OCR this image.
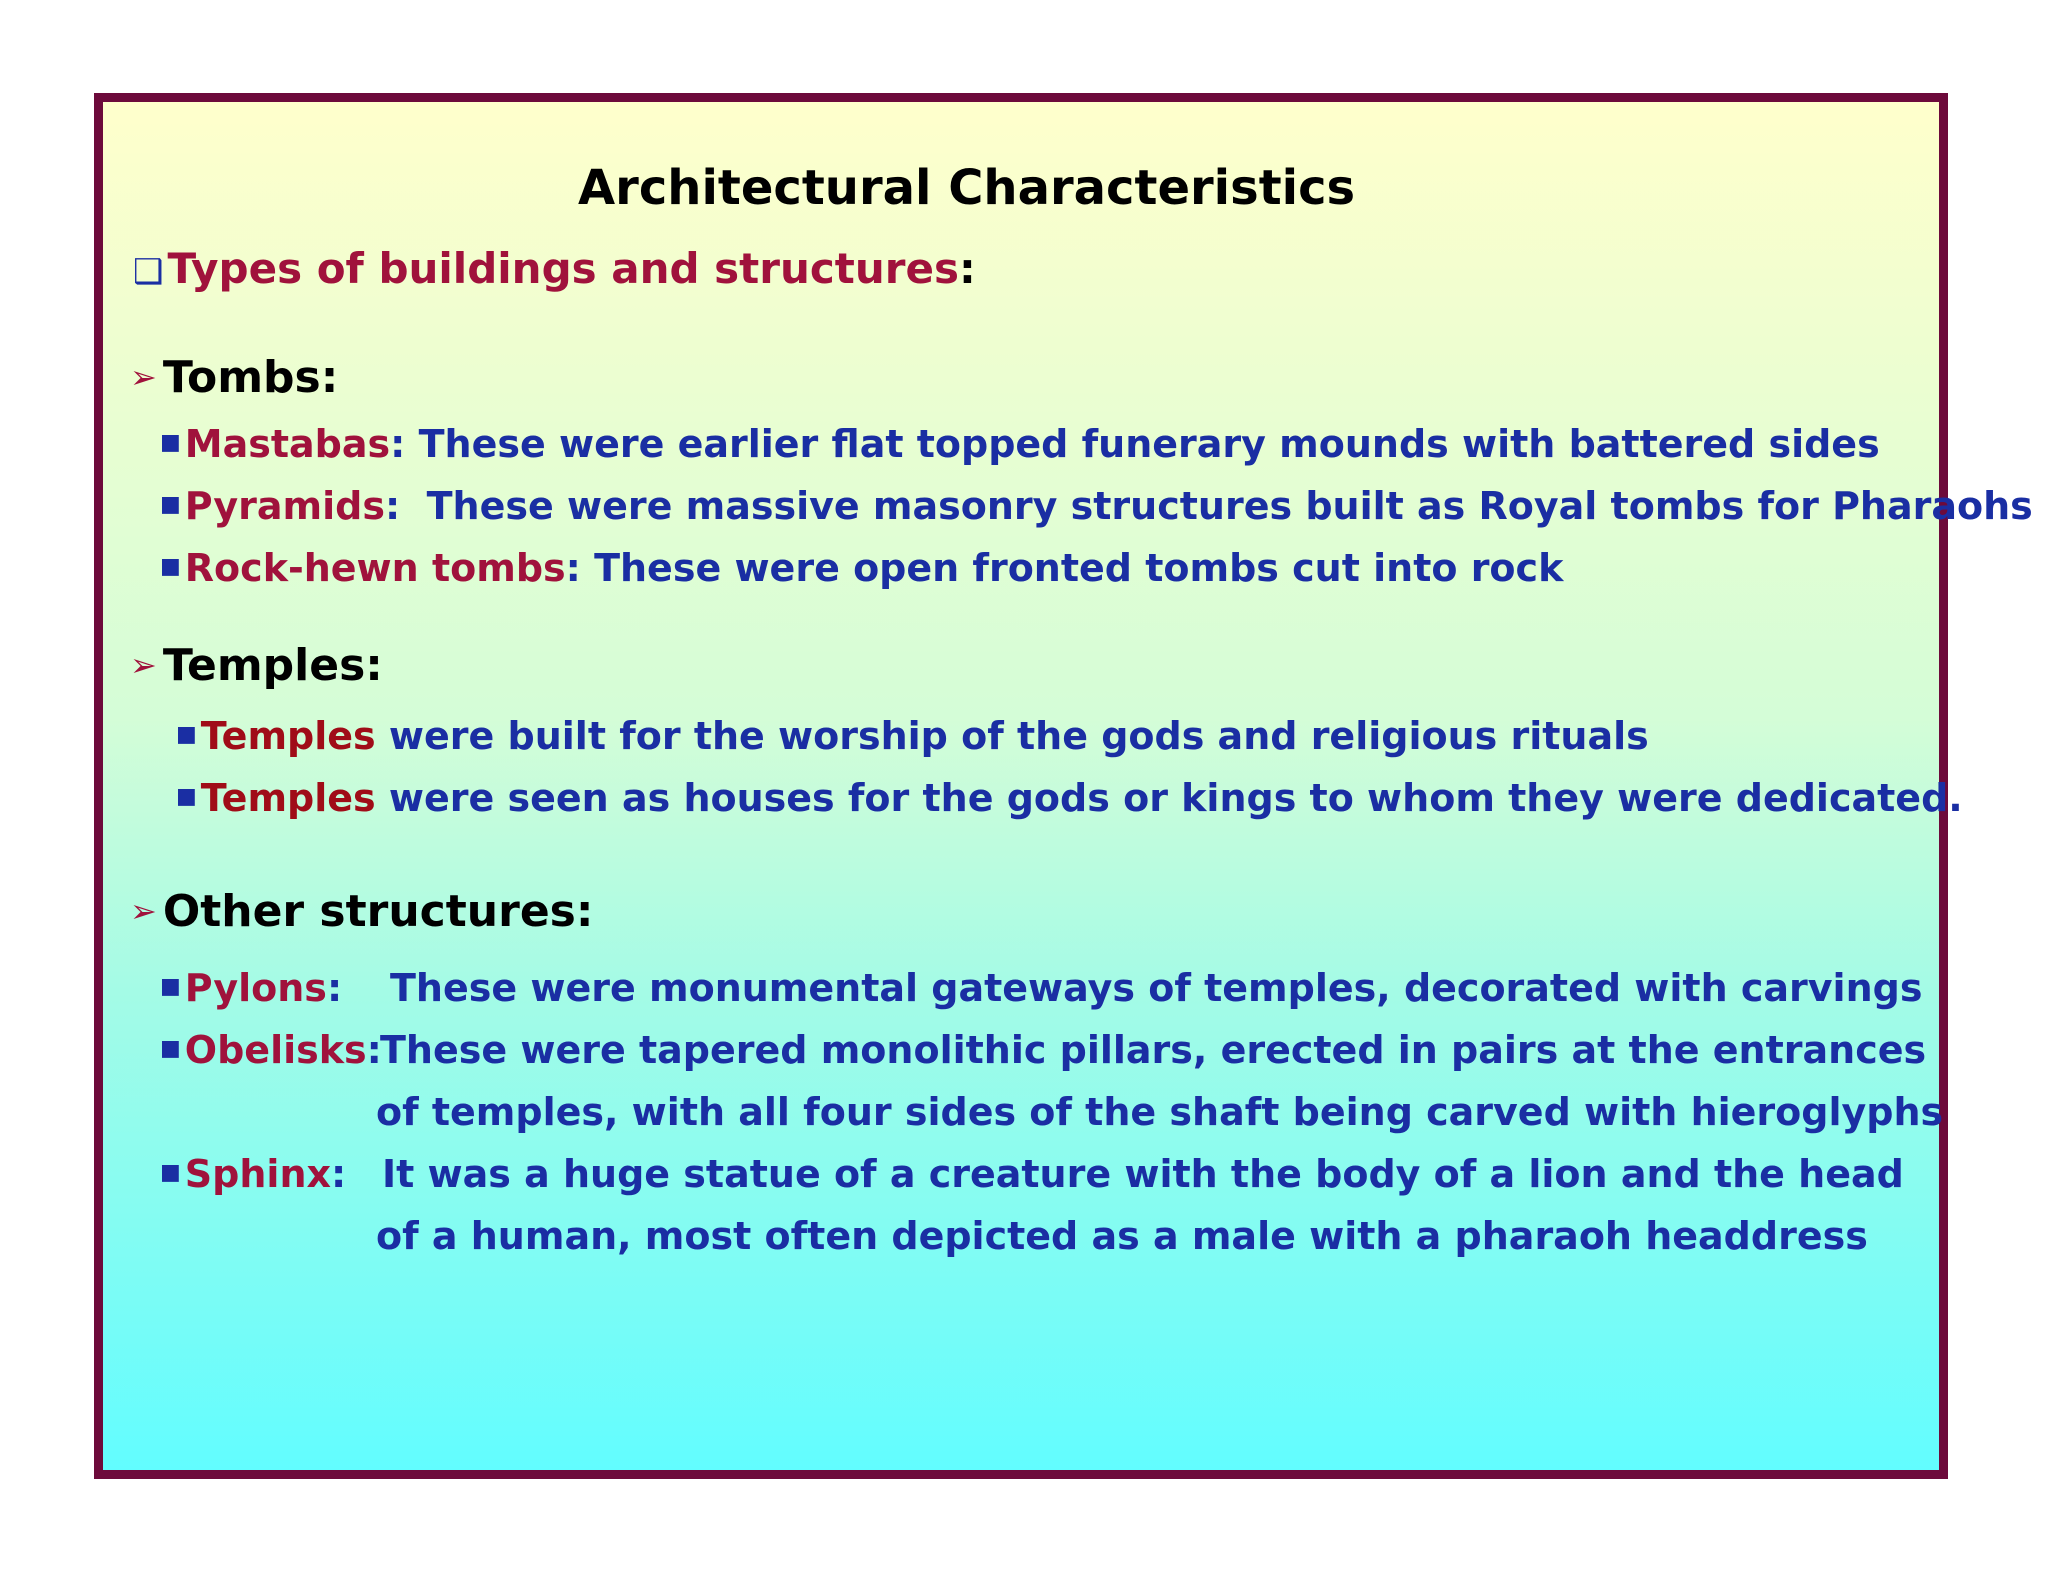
Architectural Characteristics
❑Types of buildings and structures:
➢ Tombs:
■ Mastabas: These were earlier flat topped funerary mounds with battered sides
■ Pyramids: These were massive masonry structures built as Royal tombs for Pharaohs
■ Rock-hewn tombs: These were open fronted tombs cut into rock
➢ Temples:
■ Temples were built for the worship of the gods and religious rituals
■ Temples were seen as houses for the gods or kings to whom they were dedicated.
➢ Other structures:
■ Pylons: These were monumental gateways of temples, decorated with carvings
■ Obelisks:
These were tapered monolithic pillars, erected in pairs at the entrances
of temples, with all four sides of the shaft being carved with hieroglyphs
■ Sphinx: It was a huge statue of a creature with the body of a lion and the head
of a human, most often depicted as a male with a pharaoh headdress
